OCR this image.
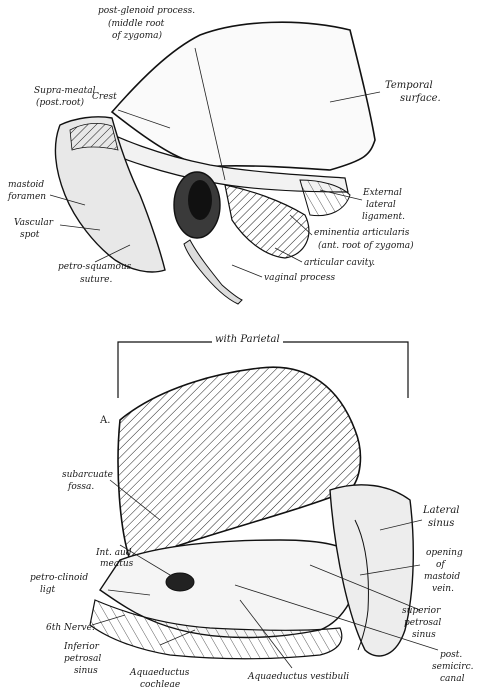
post-glenoid process.
(middle root
of zygoma)
Supra-meatal
Crest
(post.root)
Temporal
surface.
mastoid
foramen
Vascular
spot
petro-squamous
suture.
External
lateral
ligament.
eminentia articularis
(ant. root of zygoma)
articular cavity.
vaginal process
with Parietal
A.
subarcuate
fossa.
Int. aud.
meatus
petro-clinoid
ligt
6th Nerve.
Inferior
petrosal
sinus	Aquaeductus
cochleae
Aquaeductus vestibuli
Lateral
sinus
opening
of
mastoid
vein.
superior
petrosal
sinus
post.
semicirc.
canal
